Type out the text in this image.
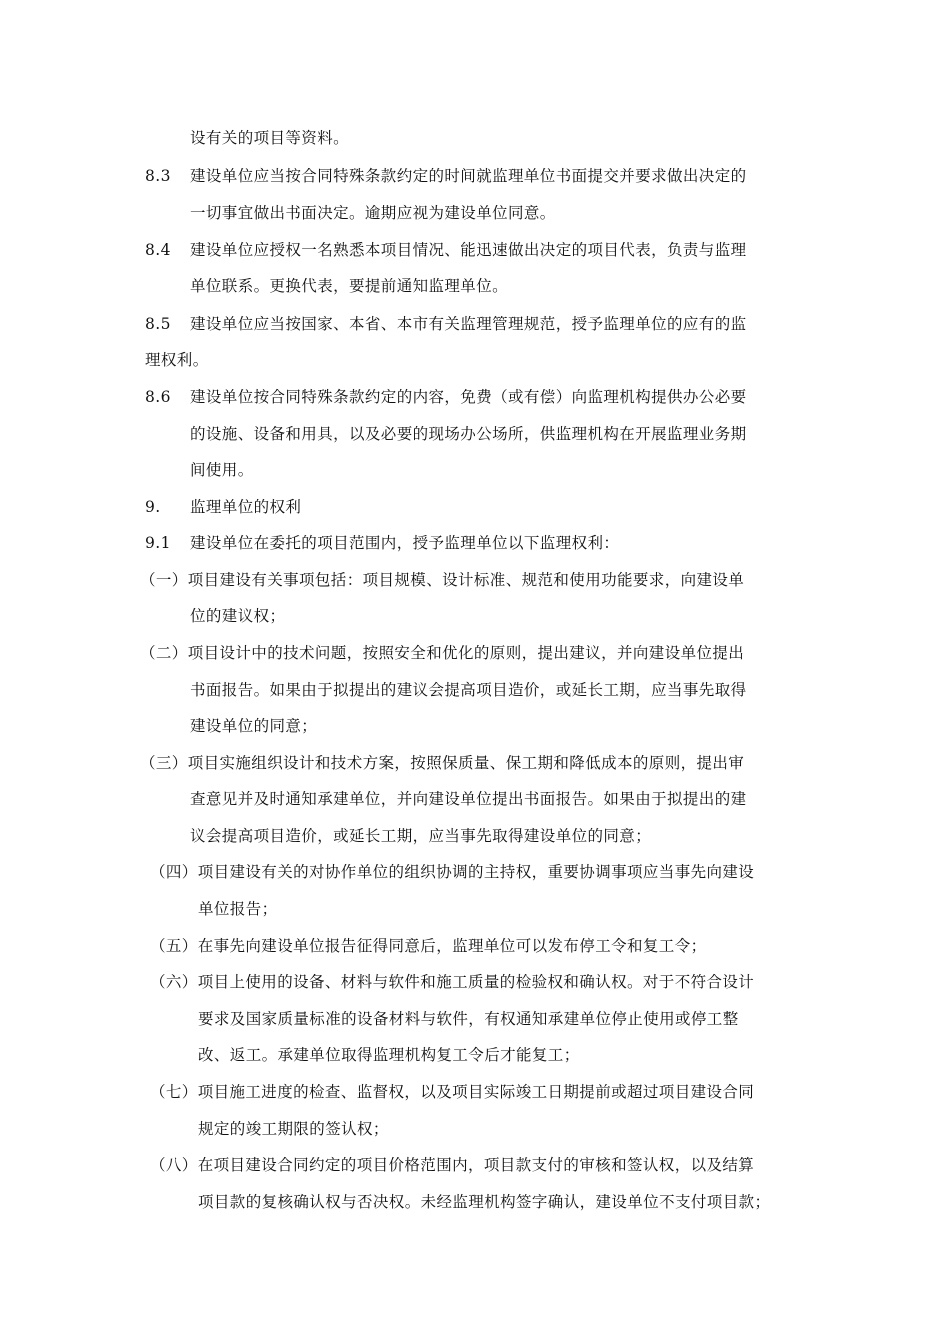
设有关的项目等资料。
8.3 建设单位应当按合同特殊条款约定的时间就监理单位书面提交并要求做出决定的
一切事宜做出书面决定。逾期应视为建设单位同意。
8.4 建设单位应授权一名熟悉本项目情况、能迅速做出决定的项目代表，负责与监理
单位联系。更换代表，要提前通知监理单位。
8.5 建设单位应当按国家、本省、本市有关监理管理规范，授予监理单位的应有的监
理权利。
8.6 建设单位按合同特殊条款约定的内容，免费（或有偿）向监理机构提供办公必要
的设施、设备和用具，以及必要的现场办公场所，供监理机构在开展监理业务期
间使用。
9. 监理单位的权利
9.1 建设单位在委托的项目范围内，授予监理单位以下监理权利：
（一）项目建设有关事项包括：项目规模、设计标准、规范和使用功能要求，向建设单
位的建议权；
（二）项目设计中的技术问题，按照安全和优化的原则，提出建议，并向建设单位提出
书面报告。如果由于拟提出的建议会提高项目造价，或延长工期，应当事先取得
建设单位的同意；
（三）项目实施组织设计和技术方案，按照保质量、保工期和降低成本的原则，提出审
查意见并及时通知承建单位，并向建设单位提出书面报告。如果由于拟提出的建
议会提高项目造价，或延长工期，应当事先取得建设单位的同意；
（四）项目建设有关的对协作单位的组织协调的主持权，重要协调事项应当事先向建设
单位报告；
（五）在事先向建设单位报告征得同意后，监理单位可以发布停工令和复工令；
（六）项目上使用的设备、材料与软件和施工质量的检验权和确认权。对于不符合设计
要求及国家质量标准的设备材料与软件，有权通知承建单位停止使用或停工整
改、返工。承建单位取得监理机构复工令后才能复工；
（七）项目施工进度的检查、监督权，以及项目实际竣工日期提前或超过项目建设合同
规定的竣工期限的签认权；
（八）在项目建设合同约定的项目价格范围内，项目款支付的审核和签认权，以及结算
项目款的复核确认权与否决权。未经监理机构签字确认，建设单位不支付项目款；
